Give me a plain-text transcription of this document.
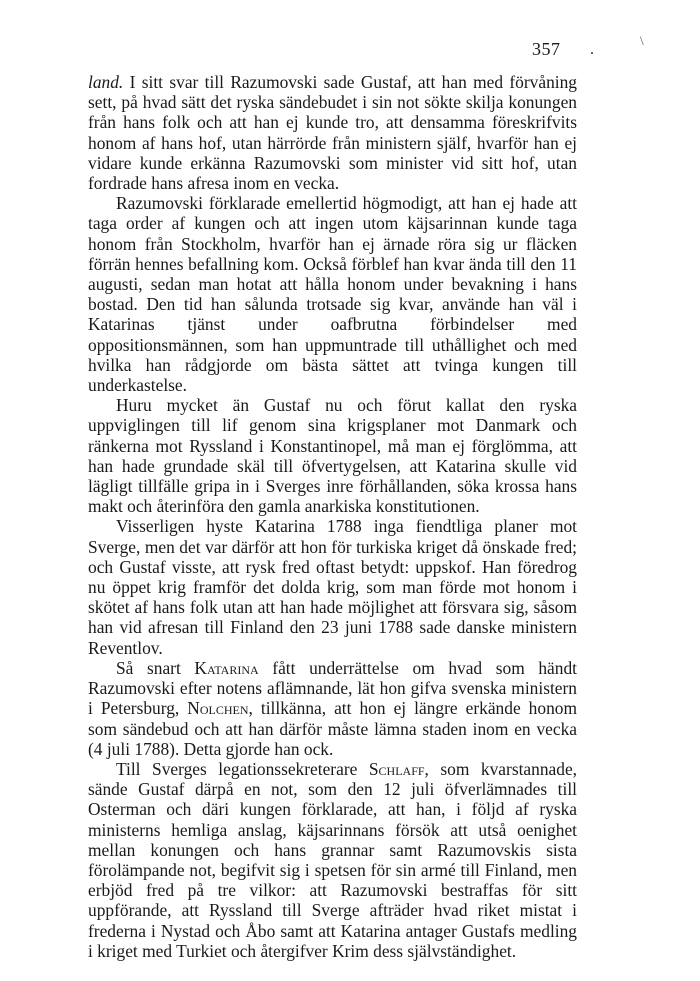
357 .
\

land. I sitt svar till Razumovski sade Gustaf, att han med förvåning sett, på hvad sätt det ryska sändebudet i sin not sökte skilja konungen från hans folk och att han ej kunde tro, att densamma föreskrifvits honom af hans hof, utan härrörde från ministern själf, hvarför han ej vidare kunde erkänna Razumovski som minister vid sitt hof, utan fordrade hans afresa inom en vecka.

Razumovski förklarade emellertid högmodigt, att han ej hade att taga order af kungen och att ingen utom käjsarinnan kunde taga honom från Stockholm, hvarför han ej ärnade röra sig ur fläcken förrän hennes befallning kom. Också förblef han kvar ända till den 11 augusti, sedan man hotat att hålla honom under bevakning i hans bostad. Den tid han sålunda trotsade sig kvar, använde han väl i Katarinas tjänst under oafbrutna förbindelser med oppositionsmännen, som han uppmuntrade till uthållighet och med hvilka han rådgjorde om bästa sättet att tvinga kungen till underkastelse.

Huru mycket än Gustaf nu och förut kallat den ryska uppviglingen till lif genom sina krigsplaner mot Danmark och ränkerna mot Ryssland i Konstantinopel, må man ej förglömma, att han hade grundade skäl till öfvertygelsen, att Katarina skulle vid lägligt tillfälle gripa in i Sverges inre förhållanden, söka krossa hans makt och återinföra den gamla anarkiska konstitutionen.

Visserligen hyste Katarina 1788 inga fiendtliga planer mot Sverge, men det var därför att hon för turkiska kriget då önskade fred; och Gustaf visste, att rysk fred oftast betydt: uppskof. Han föredrog nu öppet krig framför det dolda krig, som man förde mot honom i skötet af hans folk utan att han hade möjlighet att försvara sig, såsom han vid afresan till Finland den 23 juni 1788 sade danske ministern Reventlov.

Så snart Katarina fått underrättelse om hvad som händt Razumovski efter notens aflämnande, lät hon gifva svenska ministern i Petersburg, Nolchen, tillkänna, att hon ej längre erkände honom som sändebud och att han därför måste lämna staden inom en vecka (4 juli 1788). Detta gjorde han ock.

Till Sverges legationssekreterare Schlaff, som kvarstannade, sände Gustaf därpå en not, som den 12 juli öfverlämnades till Osterman och däri kungen förklarade, att han, i följd af ryska ministerns hemliga anslag, käjsarinnans försök att utså oenighet mellan konungen och hans grannar samt Razumovskis sista förolämpande not, begifvit sig i spetsen för sin armé till Finland, men erbjöd fred på tre vilkor: att Razumovski bestraffas för sitt uppförande, att Ryssland till Sverge afträder hvad riket mistat i fredernа i Nystad och Åbo samt att Katarina antager Gustafs medling i kriget med Turkiet och återgifver Krim dess självständighet.
